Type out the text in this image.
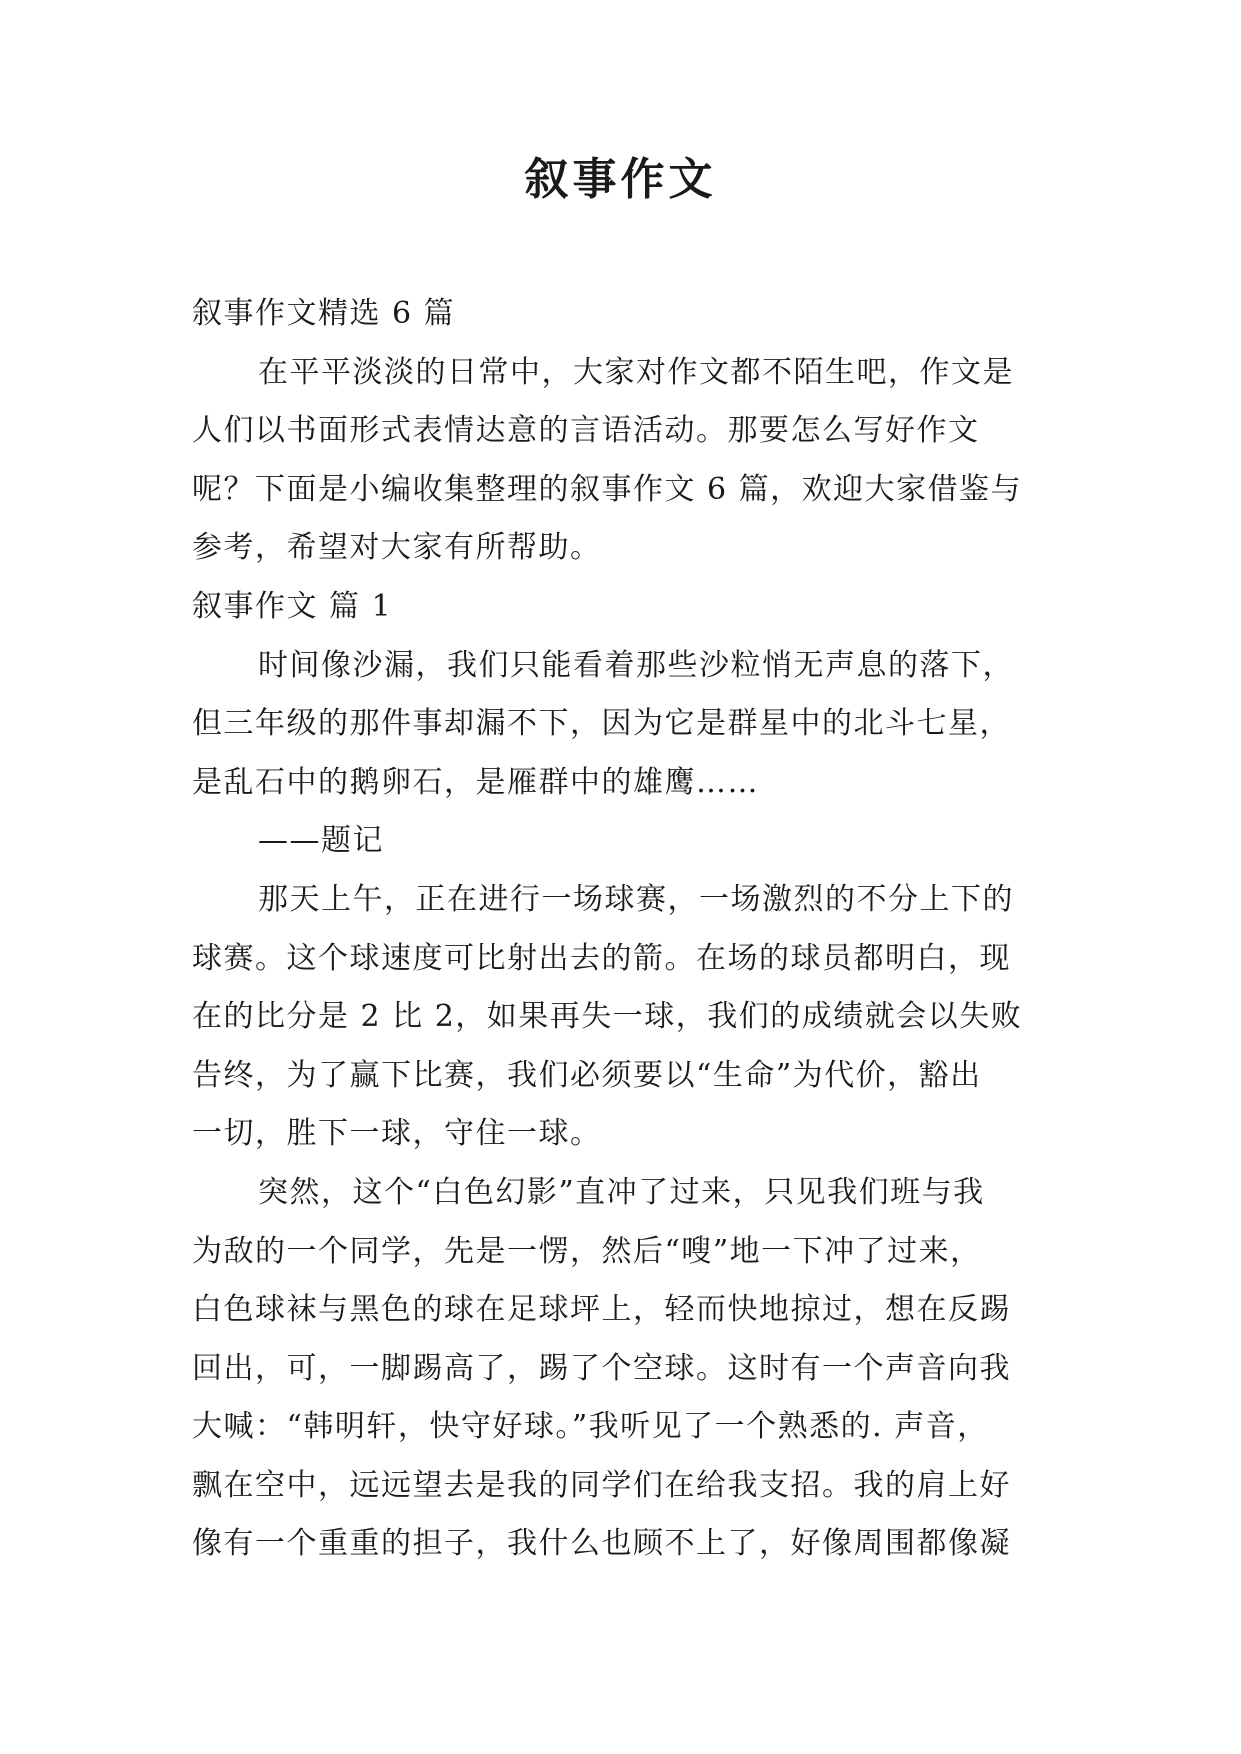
叙事作文

叙事作文精选 6 篇

在平平淡淡的日常中，大家对作文都不陌生吧，作文是

人们以书面形式表情达意的言语活动。那要怎么写好作文

呢？下面是小编收集整理的叙事作文 6 篇，欢迎大家借鉴与

参考，希望对大家有所帮助。

叙事作文 篇 1

时间像沙漏，我们只能看着那些沙粒悄无声息的落下，

但三年级的那件事却漏不下，因为它是群星中的北斗七星，

是乱石中的鹅卵石，是雁群中的雄鹰……

——题记

那天上午，正在进行一场球赛，一场激烈的不分上下的

球赛。这个球速度可比射出去的箭。在场的球员都明白，现

在的比分是 2 比 2，如果再失一球，我们的成绩就会以失败

告终，为了赢下比赛，我们必须要以“生命”为代价，豁出

一切，胜下一球，守住一球。

突然，这个“白色幻影”直冲了过来，只见我们班与我

为敌的一个同学，先是一愣，然后“嗖”地一下冲了过来，

白色球袜与黑色的球在足球坪上，轻而快地掠过，想在反踢

回出，可，一脚踢高了，踢了个空球。这时有一个声音向我

大喊：“韩明轩，快守好球。”我听见了一个熟悉的. 声音，

飘在空中，远远望去是我的同学们在给我支招。我的肩上好

像有一个重重的担子，我什么也顾不上了，好像周围都像凝
